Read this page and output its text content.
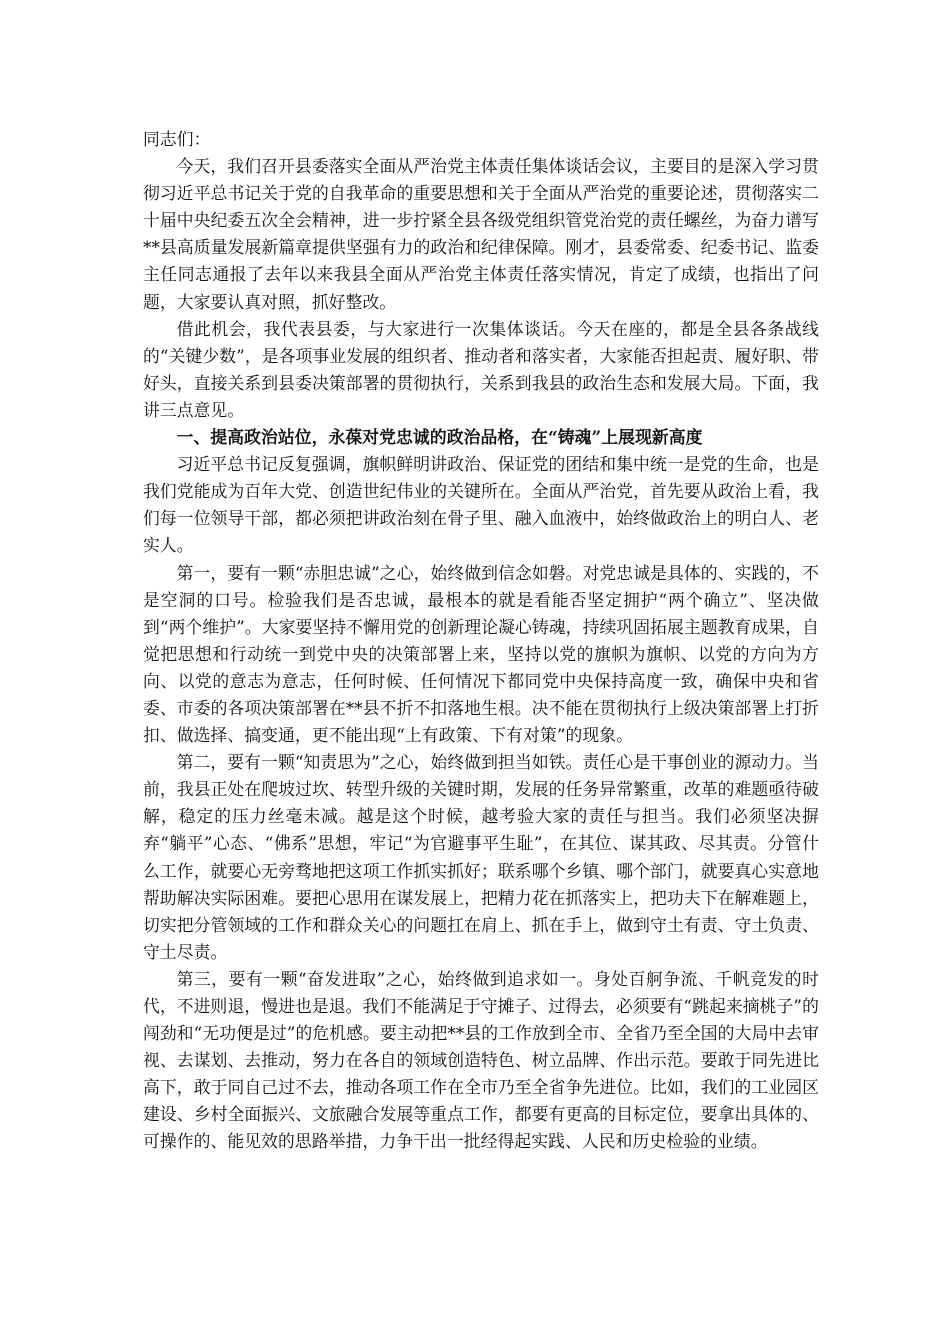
同志们：

今天，我们召开县委落实全面从严治党主体责任集体谈话会议，主要目的是深入学习贯彻习近平总书记关于党的自我革命的重要思想和关于全面从严治党的重要论述，贯彻落实二十届中央纪委五次全会精神，进一步拧紧全县各级党组织管党治党的责任螺丝，为奋力谱写**县高质量发展新篇章提供坚强有力的政治和纪律保障。刚才，县委常委、纪委书记、监委主任同志通报了去年以来我县全面从严治党主体责任落实情况，肯定了成绩，也指出了问题，大家要认真对照，抓好整改。

借此机会，我代表县委，与大家进行一次集体谈话。今天在座的，都是全县各条战线的“关键少数”，是各项事业发展的组织者、推动者和落实者，大家能否担起责、履好职、带好头，直接关系到县委决策部署的贯彻执行，关系到我县的政治生态和发展大局。下面，我讲三点意见。

一、提高政治站位，永葆对党忠诚的政治品格，在“铸魂”上展现新高度

习近平总书记反复强调，旗帜鲜明讲政治、保证党的团结和集中统一是党的生命，也是我们党能成为百年大党、创造世纪伟业的关键所在。全面从严治党，首先要从政治上看，我们每一位领导干部，都必须把讲政治刻在骨子里、融入血液中，始终做政治上的明白人、老实人。

第一，要有一颗“赤胆忠诚”之心，始终做到信念如磐。对党忠诚是具体的、实践的，不是空洞的口号。检验我们是否忠诚，最根本的就是看能否坚定拥护“两个确立”、坚决做到“两个维护”。大家要坚持不懈用党的创新理论凝心铸魂，持续巩固拓展主题教育成果，自觉把思想和行动统一到党中央的决策部署上来，坚持以党的旗帜为旗帜、以党的方向为方向、以党的意志为意志，任何时候、任何情况下都同党中央保持高度一致，确保中央和省委、市委的各项决策部署在**县不折不扣落地生根。决不能在贯彻执行上级决策部署上打折扣、做选择、搞变通，更不能出现“上有政策、下有对策”的现象。

第二，要有一颗“知责思为”之心，始终做到担当如铁。责任心是干事创业的源动力。当前，我县正处在爬坡过坎、转型升级的关键时期，发展的任务异常繁重，改革的难题亟待破解，稳定的压力丝毫未减。越是这个时候，越考验大家的责任与担当。我们必须坚决摒弃“躺平”心态、“佛系”思想，牢记“为官避事平生耻”，在其位、谋其政、尽其责。分管什么工作，就要心无旁骛地把这项工作抓实抓好；联系哪个乡镇、哪个部门，就要真心实意地帮助解决实际困难。要把心思用在谋发展上，把精力花在抓落实上，把功夫下在解难题上，切实把分管领域的工作和群众关心的问题扛在肩上、抓在手上，做到守土有责、守土负责、守土尽责。

第三，要有一颗“奋发进取”之心，始终做到追求如一。身处百舸争流、千帆竞发的时代，不进则退，慢进也是退。我们不能满足于守摊子、过得去，必须要有“跳起来摘桃子”的闯劲和“无功便是过”的危机感。要主动把**县的工作放到全市、全省乃至全国的大局中去审视、去谋划、去推动，努力在各自的领域创造特色、树立品牌、作出示范。要敢于同先进比高下，敢于同自己过不去，推动各项工作在全市乃至全省争先进位。比如，我们的工业园区建设、乡村全面振兴、文旅融合发展等重点工作，都要有更高的目标定位，要拿出具体的、可操作的、能见效的思路举措，力争干出一批经得起实践、人民和历史检验的业绩。
